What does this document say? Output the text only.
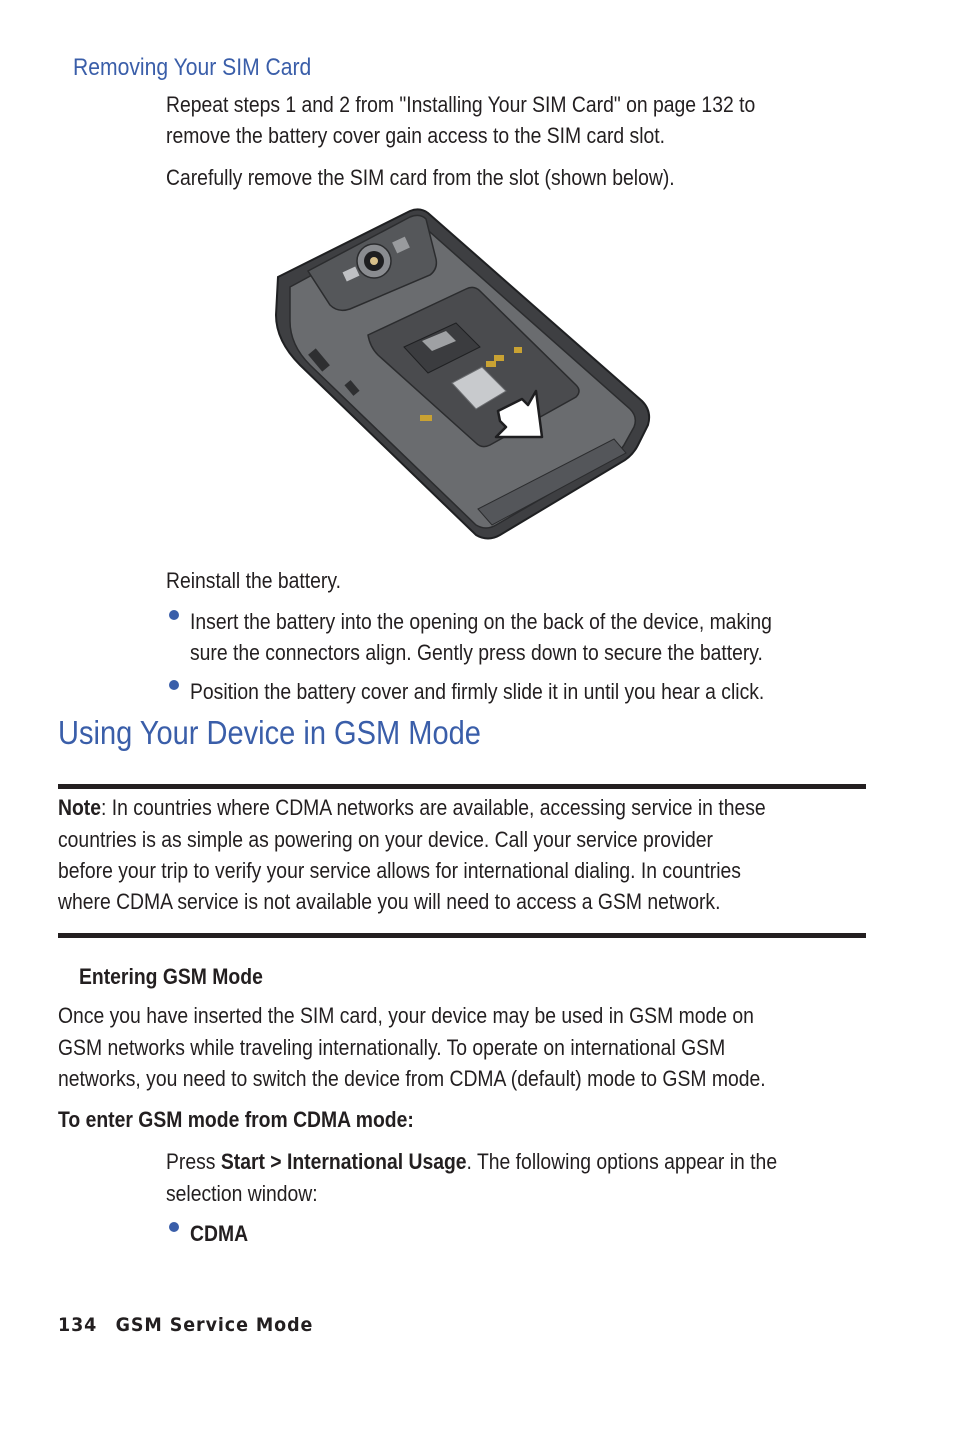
Removing Your SIM Card
Repeat steps 1 and 2 from "Installing Your SIM Card" on page 132 to
remove the battery cover gain access to the SIM card slot.
Carefully remove the SIM card from the slot (shown below).
Reinstall the battery.
Insert the battery into the opening on the back of the device, making
sure the connectors align. Gently press down to secure the battery.
Position the battery cover and firmly slide it in until you hear a click.
Using Your Device in GSM Mode
Note: In countries where CDMA networks are available, accessing service in these
countries is as simple as powering on your device. Call your service provider
before your trip to verify your service allows for international dialing. In countries
where CDMA service is not available you will need to access a GSM network.
Entering GSM Mode
Once you have inserted the SIM card, your device may be used in GSM mode on
GSM networks while traveling internationally. To operate on international GSM
networks, you need to switch the device from CDMA (default) mode to GSM mode.
To enter GSM mode from CDMA mode:
Press Start > International Usage. The following options appear in the
selection window:
CDMA
134 GSM Service Mode
